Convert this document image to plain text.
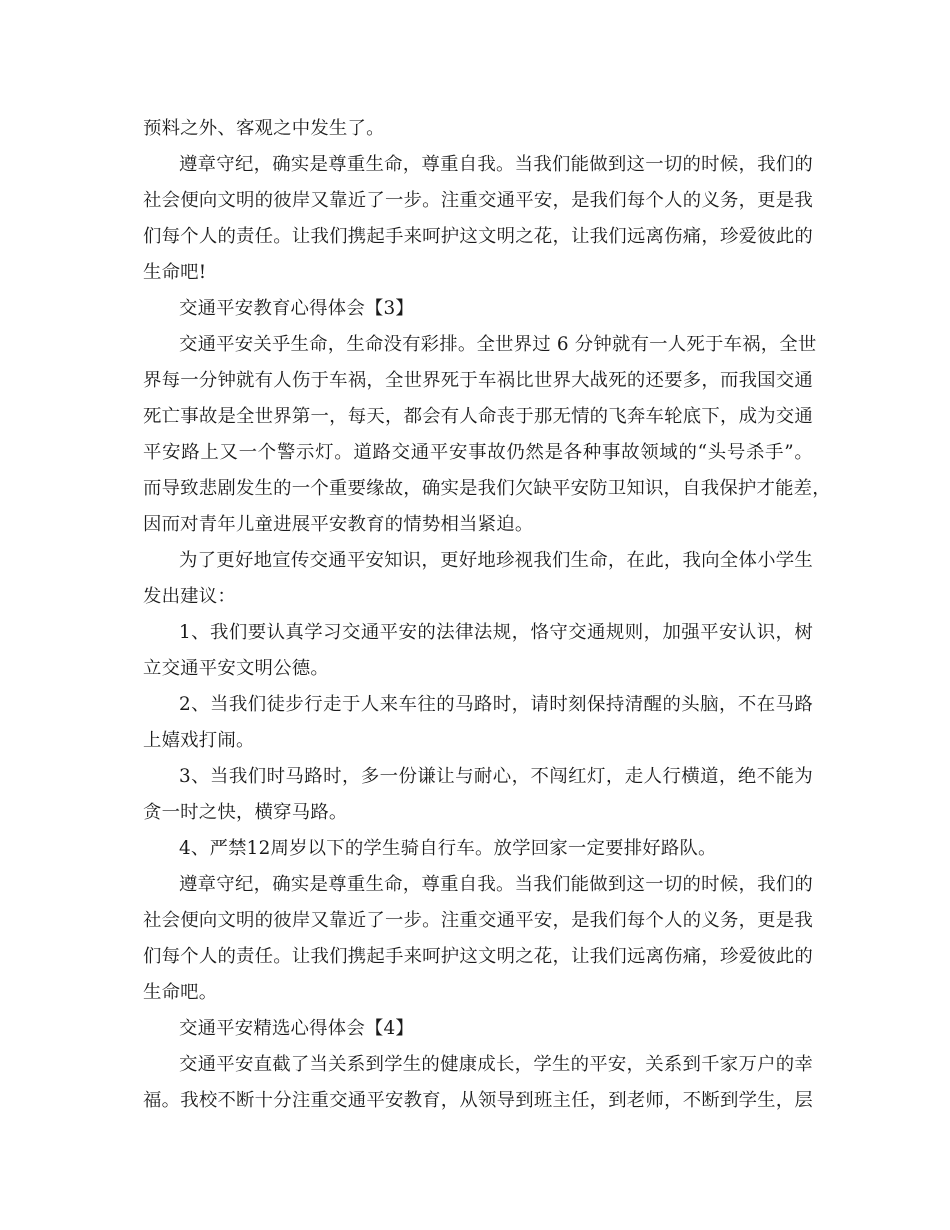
预料之外、客观之中发生了。
遵章守纪，确实是尊重生命，尊重自我。当我们能做到这一切的时候，我们的
社会便向文明的彼岸又靠近了一步。注重交通平安，是我们每个人的义务，更是我
们每个人的责任。让我们携起手来呵护这文明之花，让我们远离伤痛，珍爱彼此的
生命吧!
交通平安教育心得体会【3】
交通平安关乎生命，生命没有彩排。全世界过 6 分钟就有一人死于车祸，全世
界每一分钟就有人伤于车祸，全世界死于车祸比世界大战死的还要多，而我国交通
死亡事故是全世界第一，每天，都会有人命丧于那无情的飞奔车轮底下，成为交通
平安路上又一个警示灯。道路交通平安事故仍然是各种事故领域的“头号杀手”。
而导致悲剧发生的一个重要缘故，确实是我们欠缺平安防卫知识，自我保护才能差，
因而对青年儿童进展平安教育的情势相当紧迫。
为了更好地宣传交通平安知识，更好地珍视我们生命，在此，我向全体小学生
发出建议：
1、我们要认真学习交通平安的法律法规，恪守交通规则，加强平安认识，树
立交通平安文明公德。
2、当我们徒步行走于人来车往的马路时，请时刻保持清醒的头脑，不在马路
上嬉戏打闹。
3、当我们时马路时，多一份谦让与耐心，不闯红灯，走人行横道，绝不能为
贪一时之快，横穿马路。
4、严禁12周岁以下的学生骑自行车。放学回家一定要排好路队。
遵章守纪，确实是尊重生命，尊重自我。当我们能做到这一切的时候，我们的
社会便向文明的彼岸又靠近了一步。注重交通平安，是我们每个人的义务，更是我
们每个人的责任。让我们携起手来呵护这文明之花，让我们远离伤痛，珍爱彼此的
生命吧。
交通平安精选心得体会【4】
交通平安直截了当关系到学生的健康成长，学生的平安，关系到千家万户的幸
福。我校不断十分注重交通平安教育，从领导到班主任，到老师，不断到学生，层
